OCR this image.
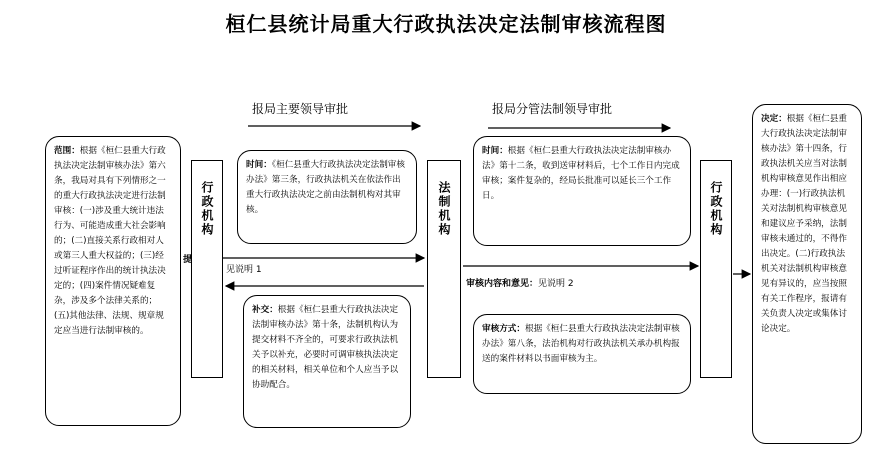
桓仁县统计局重大行政执法决定法制审核流程图
报局主要领导审批	报局分管法制领导审批
范围：根据《桓仁县重大行政执法决定法制审核办法》第六条，我局对具有下列情形之一的重大行政执法决定进行法制审核：(一)涉及重大统计违法行为、可能造成重大社会影响的；(二)直接关系行政相对人或第三人重大权益的；(三)经过听证程序作出的统计执法决定的；(四)案件情况疑难复杂，涉及多个法律关系的；(五)其他法律、法规、规章规定应当进行法制审核的。
行政机构	法制机构	行政机构
时间：《桓仁县重大行政执法决定法制审核办法》第三条，行政执法机关在依法作出重大行政执法决定之前由法制机构对其审核。
补交：根据《桓仁县重大行政执法决定法制审核办法》第十条，法制机构认为提交材料不齐全的，可要求行政执法机关予以补充，必要时可调审核执法决定的相关材料，相关单位和个人应当予以协助配合。
时间：根据《桓仁县重大行政执法决定法制审核办法》第十二条，收到送审材料后，七个工作日内完成审核；案件复杂的，经局长批准可以延长三个工作日。
审核方式：根据《桓仁县重大行政执法决定法制审核办法》第八条，法治机构对行政执法机关承办机构报送的案件材料以书面审核为主。
决定：根据《桓仁县重大行政执法决定法制审核办法》第十四条，行政执法机关应当对法制机构审核意见作出相应办理：(一)行政执法机关对法制机构审核意见和建议应予采纳，法制审核未通过的，不得作出决定。(二)行政执法机关对法制机构审核意见有异议的，应当按照有关工作程序，报请有关负责人决定或集体讨论决定。
提
见说明 1
审核内容和意见：见说明 2
